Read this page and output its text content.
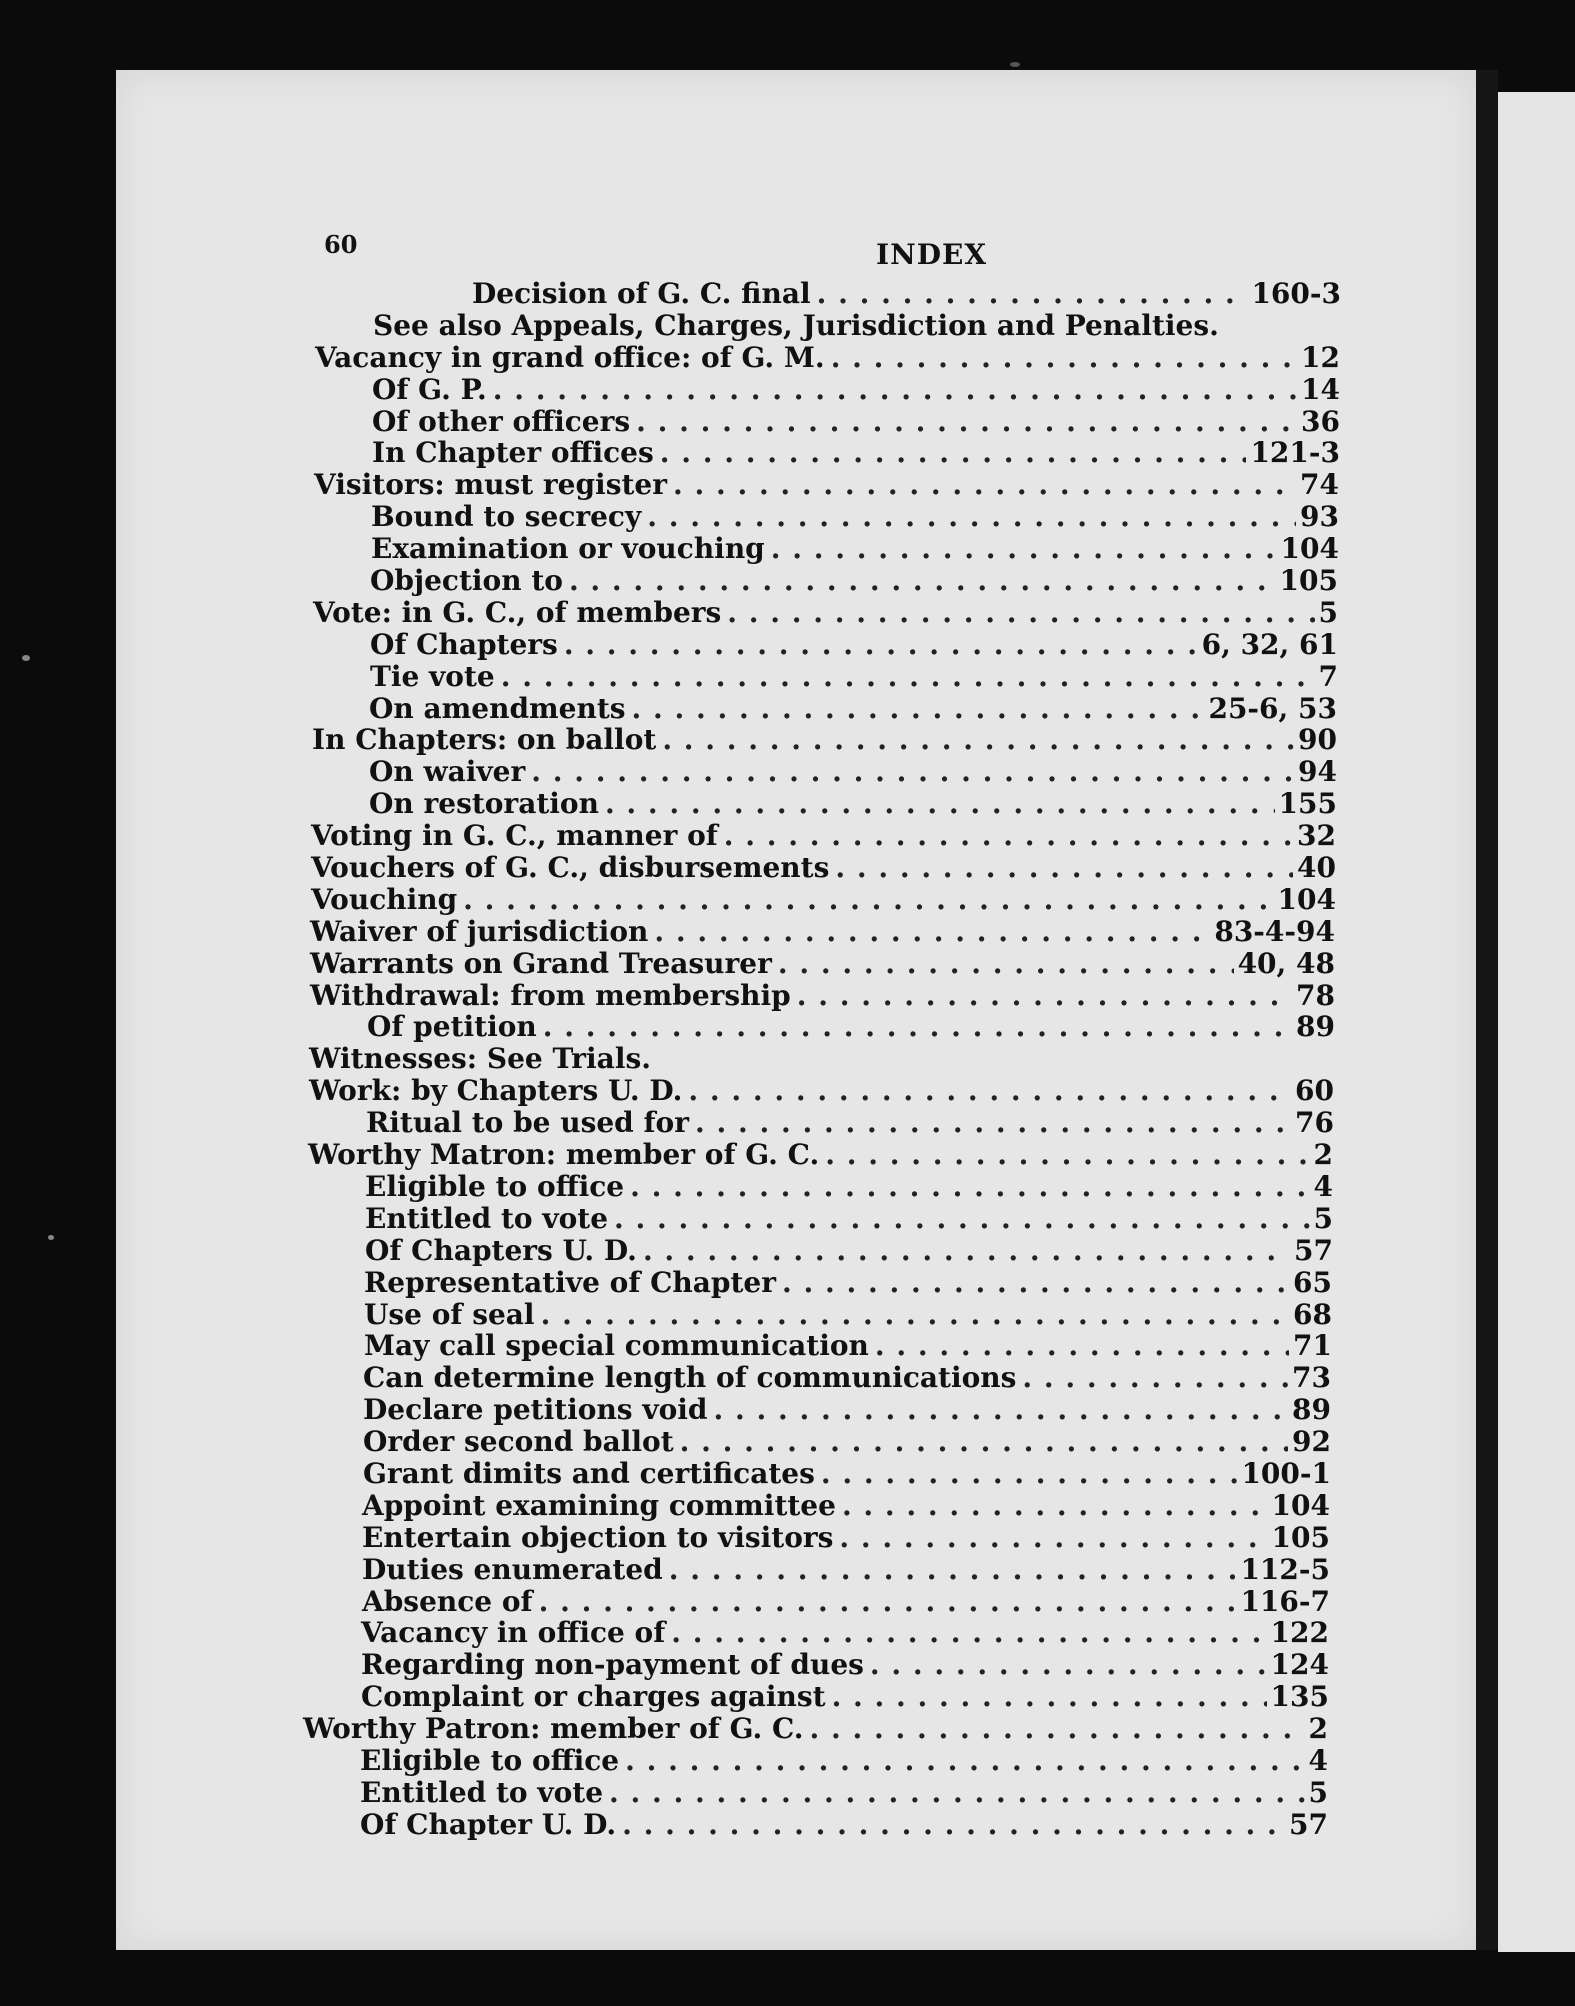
60	INDEX
Decision of G. C. final . . .	160-3
See also Appeals, Charges, Jurisdiction and Penalties.
Vacancy in grand office: of G. M. . . .	12
Of G. P. . . .	14
Of other officers . . .	36
In Chapter offices . . .	121-3
Visitors: must register . . .	74
Bound to secrecy . . .	93
Examination or vouching . . .	104
Objection to . . .	105
Vote: in G. C., of members . . .	5
Of Chapters . . .	6, 32, 61
Tie vote . . .	7
On amendments . . .	25-6, 53
In Chapters: on ballot . . .	90
On waiver . . .	94
On restoration . . .	155
Voting in G. C., manner of . . .	32
Vouchers of G. C., disbursements . . .	40
Vouching . . .	104
Waiver of jurisdiction . . .	83-4-94
Warrants on Grand Treasurer . . .	40, 48
Withdrawal: from membership . . .	78
Of petition . . .	89
Witnesses: See Trials.
Work: by Chapters U. D. . . .	60
Ritual to be used for . . .	76
Worthy Matron: member of G. C. . . .	2
Eligible to office . . .	4
Entitled to vote . . .	5
Of Chapters U. D. . . .	57
Representative of Chapter . . .	65
Use of seal . . .	68
May call special communication . . .	71
Can determine length of communications . . .	73
Declare petitions void . . .	89
Order second ballot . . .	92
Grant dimits and certificates . . .	100-1
Appoint examining committee . . .	104
Entertain objection to visitors . . .	105
Duties enumerated . . .	112-5
Absence of . . .	116-7
Vacancy in office of . . .	122
Regarding non-payment of dues . . .	124
Complaint or charges against . . .	135
Worthy Patron: member of G. C. . . .	2
Eligible to office . . .	4
Entitled to vote . . .	5
Of Chapter U. D. . . .	57
